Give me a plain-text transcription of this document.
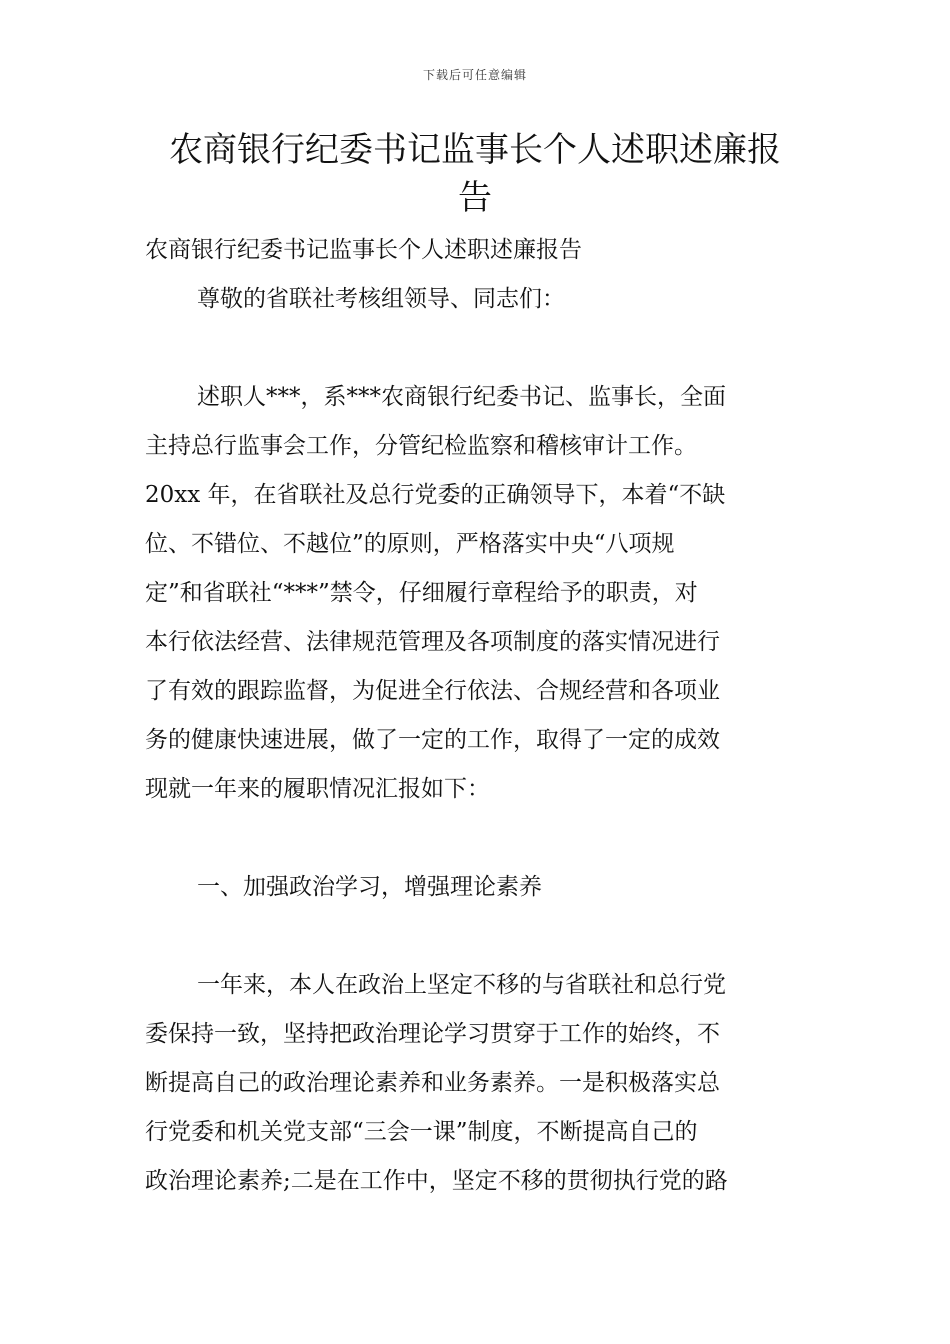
下载后可任意编辑
农商银行纪委书记监事长个人述职述廉报
告

农商银行纪委书记监事长个人述职述廉报告

尊敬的省联社考核组领导、同志们：

述职人***，系***农商银行纪委书记、监事长，全面
主持总行监事会工作，分管纪检监察和稽核审计工作。
20xx 年，在省联社及总行党委的正确领导下，本着“不缺
位、不错位、不越位”的原则，严格落实中央“八项规
定”和省联社“***”禁令，仔细履行章程给予的职责，对
本行依法经营、法律规范管理及各项制度的落实情况进行
了有效的跟踪监督，为促进全行依法、合规经营和各项业
务的健康快速进展，做了一定的工作，取得了一定的成效
现就一年来的履职情况汇报如下：

一、加强政治学习，增强理论素养

一年来，本人在政治上坚定不移的与省联社和总行党
委保持一致，坚持把政治理论学习贯穿于工作的始终，不
断提高自己的政治理论素养和业务素养。一是积极落实总
行党委和机关党支部“三会一课”制度，不断提高自己的
政治理论素养;二是在工作中，坚定不移的贯彻执行党的路
